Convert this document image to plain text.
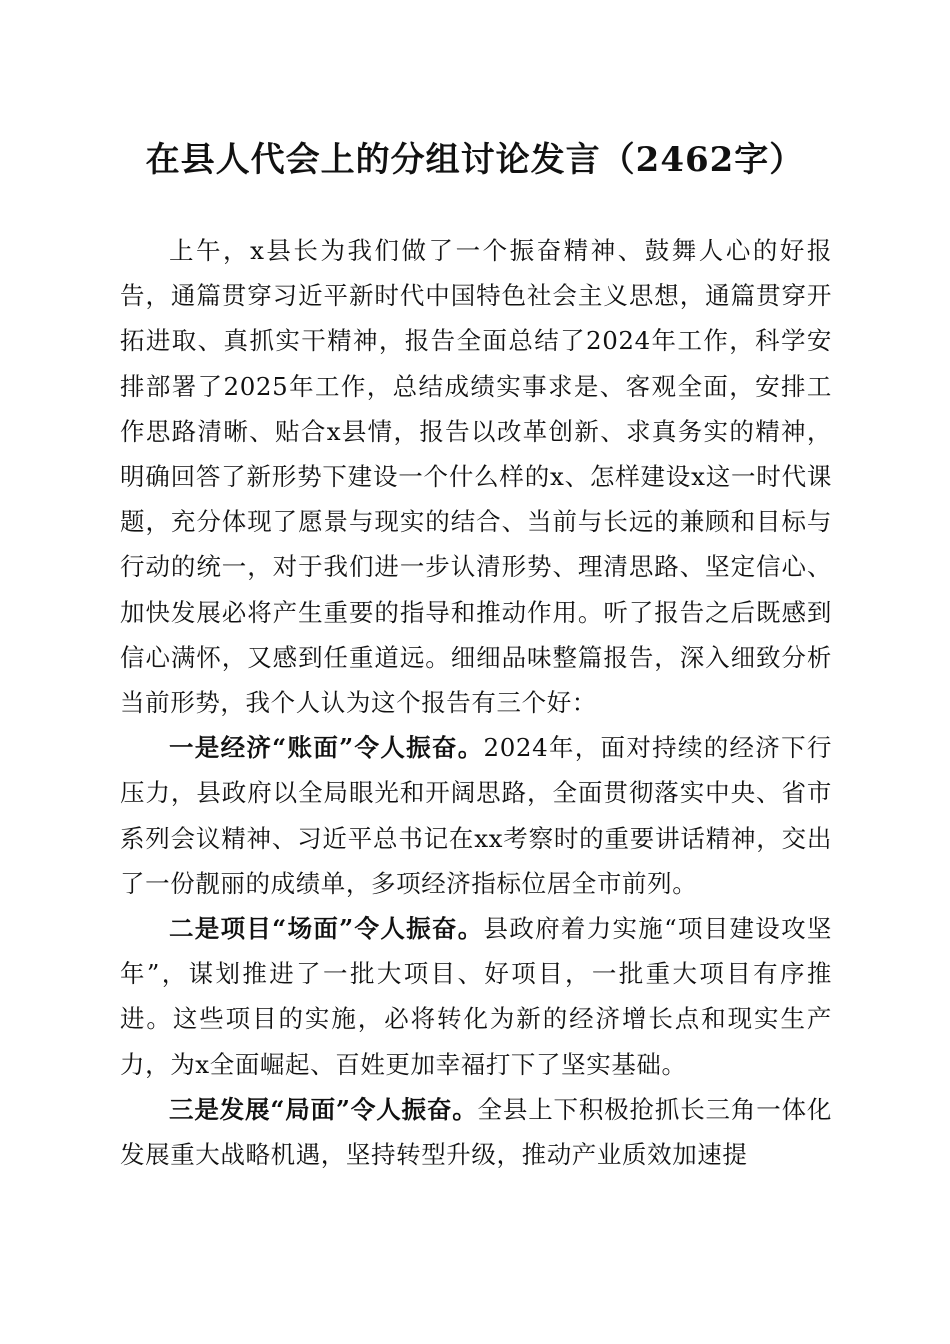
在县人代会上的分组讨论发言（2462字）

上午，x县长为我们做了一个振奋精神、鼓舞人心的好报告，通篇贯穿习近平新时代中国特色社会主义思想，通篇贯穿开拓进取、真抓实干精神，报告全面总结了2024年工作，科学安排部署了2025年工作，总结成绩实事求是、客观全面，安排工作思路清晰、贴合x县情，报告以改革创新、求真务实的精神，明确回答了新形势下建设一个什么样的x、怎样建设x这一时代课题，充分体现了愿景与现实的结合、当前与长远的兼顾和目标与行动的统一，对于我们进一步认清形势、理清思路、坚定信心、加快发展必将产生重要的指导和推动作用。听了报告之后既感到信心满怀，又感到任重道远。细细品味整篇报告，深入细致分析当前形势，我个人认为这个报告有三个好：

一是经济“账面”令人振奋。2024年，面对持续的经济下行压力，县政府以全局眼光和开阔思路，全面贯彻落实中央、省市系列会议精神、习近平总书记在xx考察时的重要讲话精神，交出了一份靓丽的成绩单，多项经济指标位居全市前列。

二是项目“场面”令人振奋。县政府着力实施“项目建设攻坚年”，谋划推进了一批大项目、好项目，一批重大项目有序推进。这些项目的实施，必将转化为新的经济增长点和现实生产力，为x全面崛起、百姓更加幸福打下了坚实基础。

三是发展“局面”令人振奋。全县上下积极抢抓长三角一体化发展重大战略机遇，坚持转型升级，推动产业质效加速提
